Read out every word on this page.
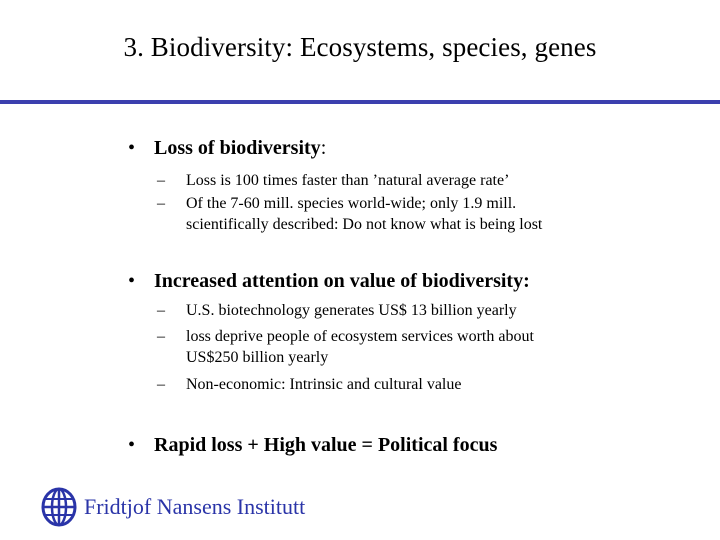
3. Biodiversity: Ecosystems, species, genes
• Loss of biodiversity:
– Loss is 100 times faster than ’natural average rate’
– Of the 7-60 mill. species world-wide; only 1.9 mill.
scientifically described: Do not know what is being lost
• Increased attention on value of biodiversity:
– U.S. biotechnology generates US$ 13 billion yearly
– loss deprive people of ecosystem services worth about
US$250 billion yearly
– Non-economic: Intrinsic and cultural value
• Rapid loss + High value = Political focus
Fridtjof Nansens Institutt
